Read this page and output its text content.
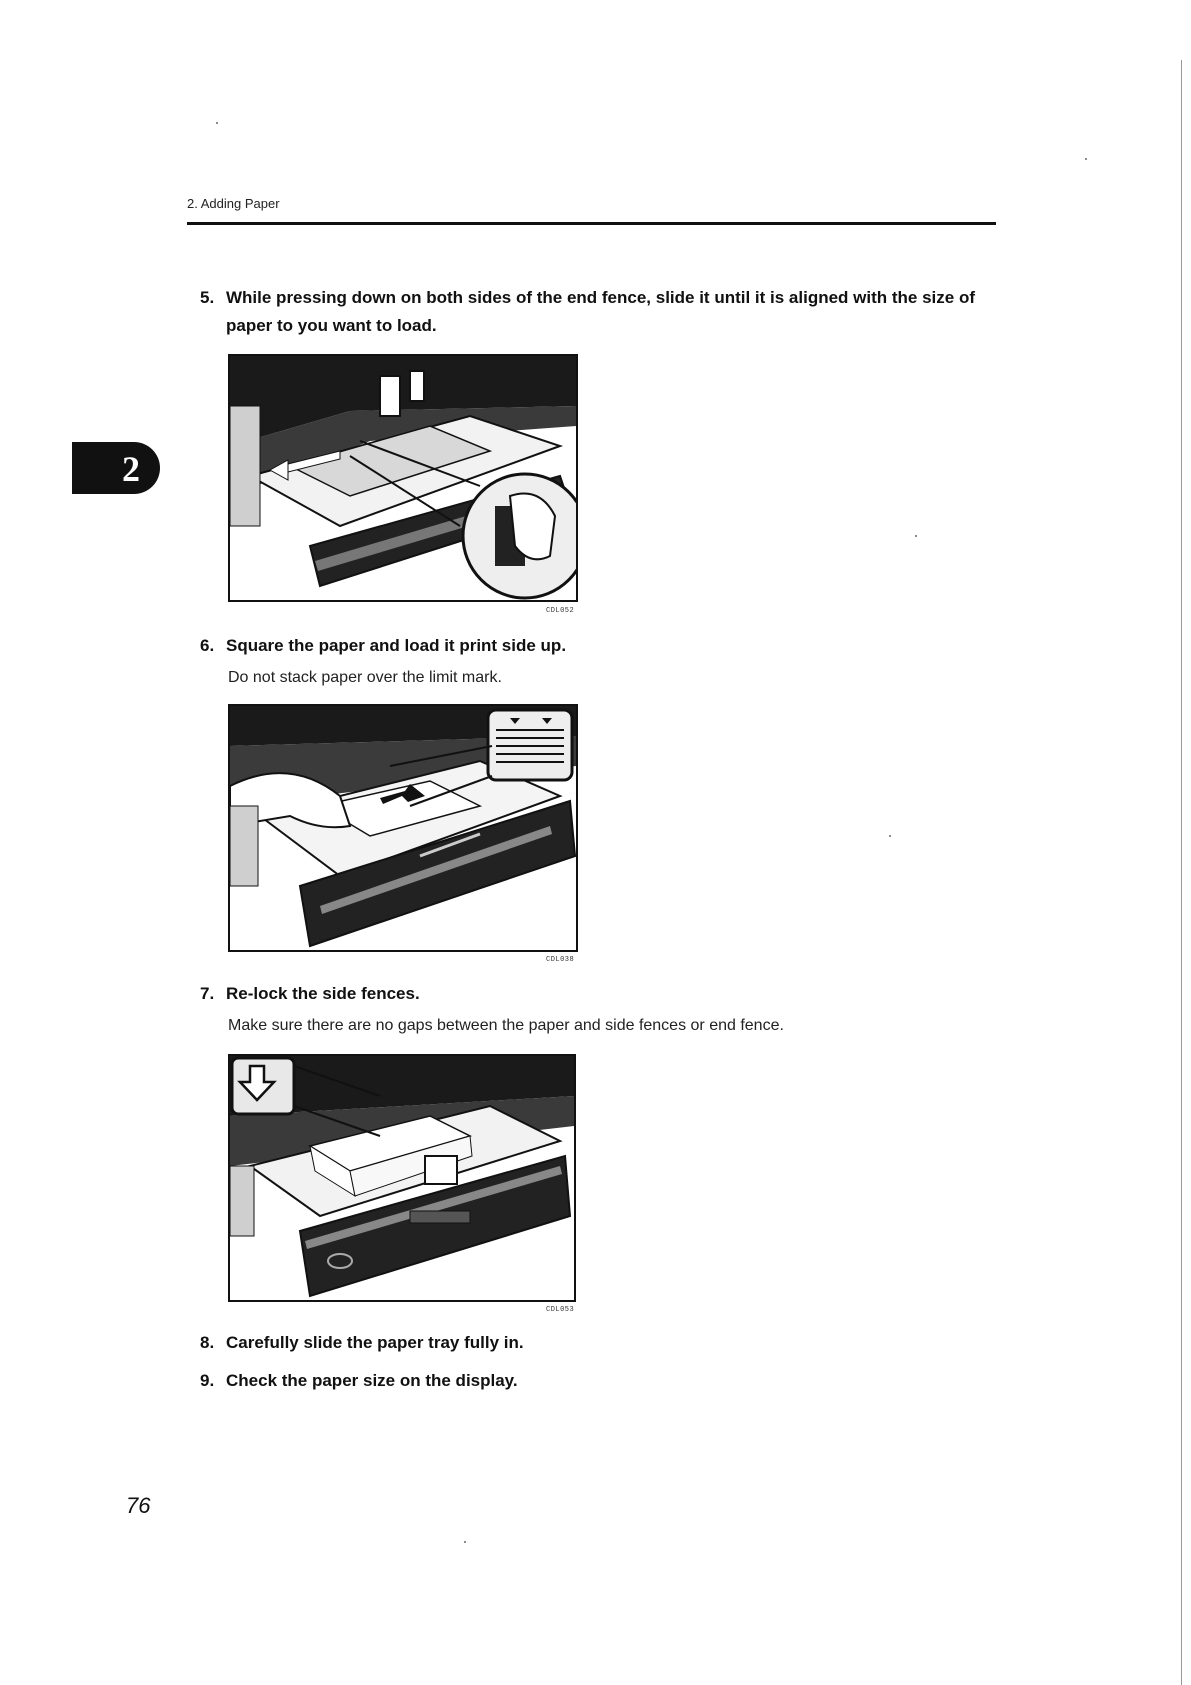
2. Adding Paper
2
5. While pressing down on both sides of the end fence, slide it until it is aligned with the size of paper to you want to load.
CDL052
6. Square the paper and load it print side up.
Do not stack paper over the limit mark.
CDL038
7. Re-lock the side fences.
Make sure there are no gaps between the paper and side fences or end fence.
CDL053
8. Carefully slide the paper tray fully in.
9. Check the paper size on the display.
76
